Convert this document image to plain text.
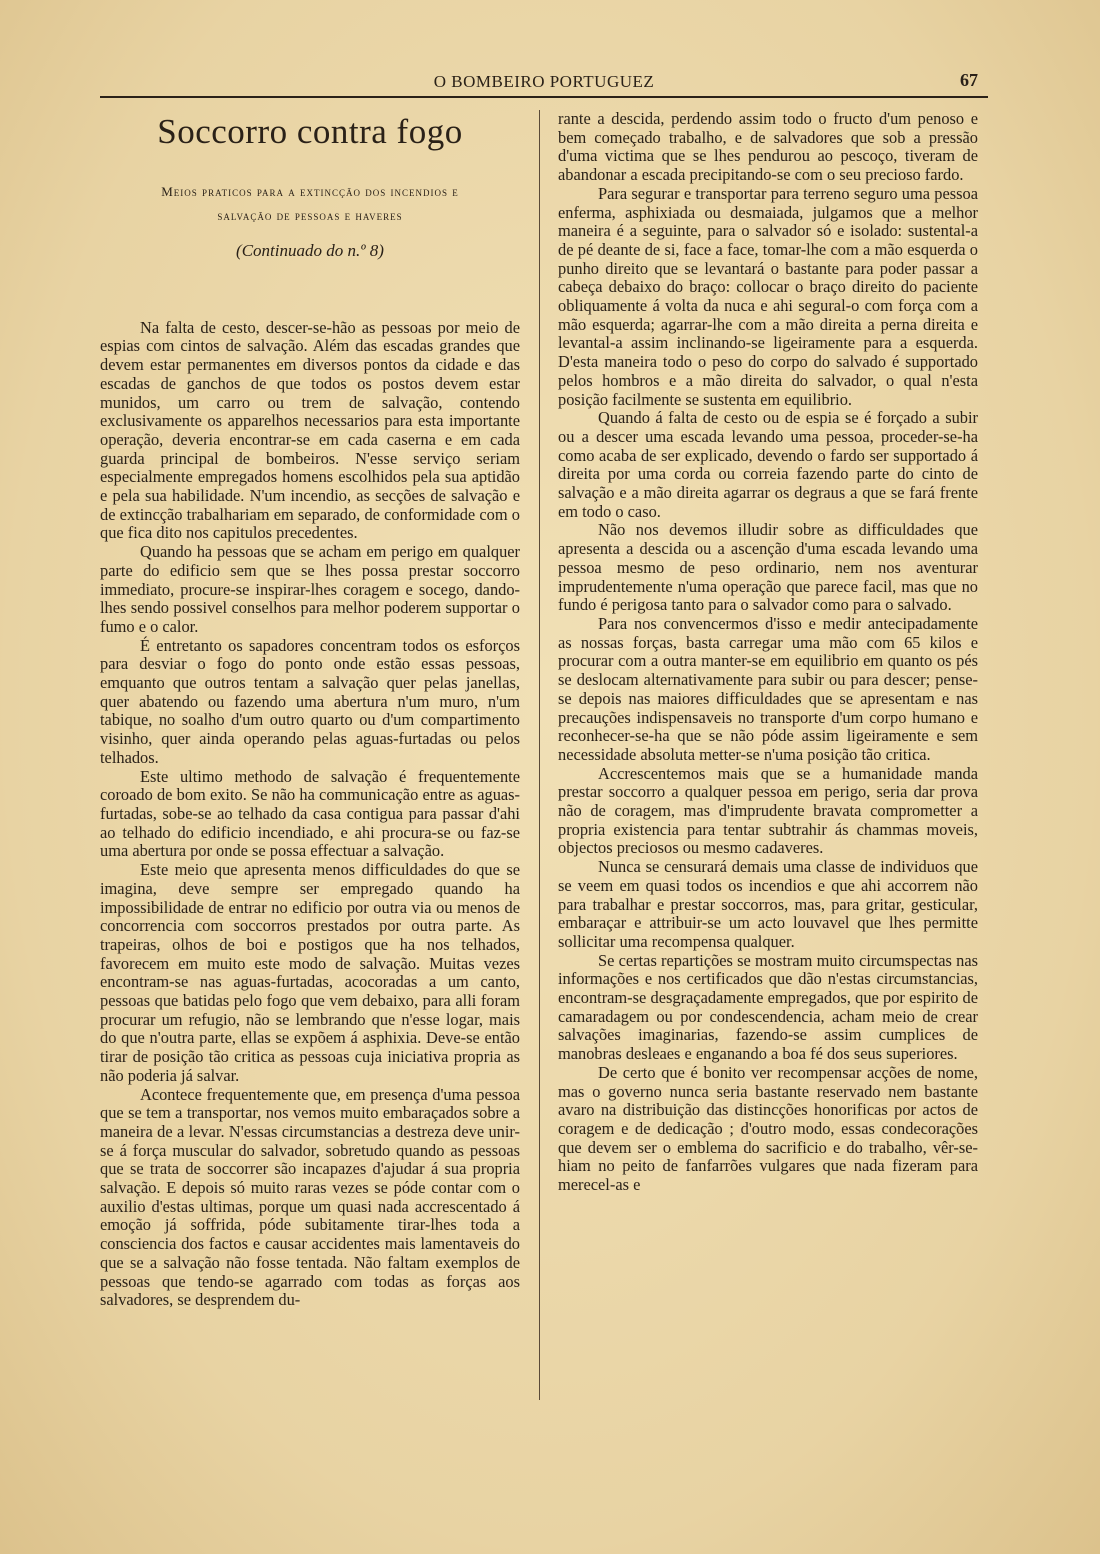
O BOMBEIRO PORTUGUEZ	67
Soccorro contra fogo
Meios praticos para a extincção dos incendios e
salvação de pessoas e haveres
(Continuado do n.º 8)

Na falta de cesto, descer-se-hão as pessoas por meio de espias com cintos de salvação. Além das escadas grandes que devem estar permanentes em diversos pontos da cidade e das escadas de ganchos de que todos os postos devem estar munidos, um carro ou trem de salvação, contendo exclusivamente os apparelhos necessarios para esta importante operação, deveria encontrar-se em cada caserna e em cada guarda principal de bombeiros. N'esse serviço seriam especialmente empregados homens escolhidos pela sua aptidão e pela sua habilidade. N'um incendio, as secções de salvação e de extincção trabalhariam em separado, de conformidade com o que fica dito nos capitulos precedentes.

Quando ha pessoas que se acham em perigo em qualquer parte do edificio sem que se lhes possa prestar soccorro immediato, procure-se inspirar-lhes coragem e socego, dando-lhes sendo possivel conselhos para melhor poderem supportar o fumo e o calor.

É entretanto os sapadores concentram todos os esforços para desviar o fogo do ponto onde estão essas pessoas, emquanto que outros tentam a salvação quer pelas janellas, quer abatendo ou fazendo uma abertura n'um muro, n'um tabique, no soalho d'um outro quarto ou d'um compartimento visinho, quer ainda operando pelas aguas-furtadas ou pelos telhados.

Este ultimo methodo de salvação é frequentemente coroado de bom exito. Se não ha communicação entre as aguas-furtadas, sobe-se ao telhado da casa contigua para passar d'ahi ao telhado do edificio incendiado, e ahi procura-se ou faz-se uma abertura por onde se possa effectuar a salvação.

Este meio que apresenta menos difficuldades do que se imagina, deve sempre ser empregado quando ha impossibilidade de entrar no edificio por outra via ou menos de concorrencia com soccorros prestados por outra parte. As trapeiras, olhos de boi e postigos que ha nos telhados, favorecem em muito este modo de salvação. Muitas vezes encontram-se nas aguas-furtadas, acocoradas a um canto, pessoas que batidas pelo fogo que vem debaixo, para alli foram procurar um refugio, não se lembrando que n'esse logar, mais do que n'outra parte, ellas se expõem á asphixia. Deve-se então tirar de posição tão critica as pessoas cuja iniciativa propria as não poderia já salvar.

Acontece frequentemente que, em presença d'uma pessoa que se tem a transportar, nos vemos muito embaraçados sobre a maneira de a levar. N'essas circumstancias a destreza deve unir-se á força muscular do salvador, sobretudo quando as pessoas que se trata de soccorrer são incapazes d'ajudar á sua propria salvação. E depois só muito raras vezes se póde contar com o auxilio d'estas ultimas, porque um quasi nada accrescentado á emoção já soffrida, póde subitamente tirar-lhes toda a consciencia dos factos e causar accidentes mais lamentaveis do que se a salvação não fosse tentada. Não faltam exemplos de pessoas que tendo-se agarrado com todas as forças aos salvadores, se desprendem du-

rante a descida, perdendo assim todo o fructo d'um penoso e bem começado trabalho, e de salvadores que sob a pressão d'uma victima que se lhes pendurou ao pescoço, tiveram de abandonar a escada precipitando-se com o seu precioso fardo.

Para segurar e transportar para terreno seguro uma pessoa enferma, asphixiada ou desmaiada, julgamos que a melhor maneira é a seguinte, para o salvador só e isolado: sustental-a de pé deante de si, face a face, tomar-lhe com a mão esquerda o punho direito que se levantará o bastante para poder passar a cabeça debaixo do braço: collocar o braço direito do paciente obliquamente á volta da nuca e ahi segural-o com força com a mão esquerda; agarrar-lhe com a mão direita a perna direita e levantal-a assim inclinando-se ligeiramente para a esquerda. D'esta maneira todo o peso do corpo do salvado é supportado pelos hombros e a mão direita do salvador, o qual n'esta posição facilmente se sustenta em equilibrio.

Quando á falta de cesto ou de espia se é forçado a subir ou a descer uma escada levando uma pessoa, proceder-se-ha como acaba de ser explicado, devendo o fardo ser supportado á direita por uma corda ou correia fazendo parte do cinto de salvação e a mão direita agarrar os degraus a que se fará frente em todo o caso.

Não nos devemos illudir sobre as difficuldades que apresenta a descida ou a ascenção d'uma escada levando uma pessoa mesmo de peso ordinario, nem nos aventurar imprudentemente n'uma operação que parece facil, mas que no fundo é perigosa tanto para o salvador como para o salvado.

Para nos convencermos d'isso e medir antecipadamente as nossas forças, basta carregar uma mão com 65 kilos e procurar com a outra manter-se em equilibrio em quanto os pés se deslocam alternativamente para subir ou para descer; pense-se depois nas maiores difficuldades que se apresentam e nas precauções indispensaveis no transporte d'um corpo humano e reconhecer-se-ha que se não póde assim ligeiramente e sem necessidade absoluta metter-se n'uma posição tão critica.

Accrescentemos mais que se a humanidade manda prestar soccorro a qualquer pessoa em perigo, seria dar prova não de coragem, mas d'imprudente bravata comprometter a propria existencia para tentar subtrahir ás chammas moveis, objectos preciosos ou mesmo cadaveres.

Nunca se censurará demais uma classe de individuos que se veem em quasi todos os incendios e que ahi accorrem não para trabalhar e prestar soccorros, mas, para gritar, gesticular, embaraçar e attribuir-se um acto louvavel que lhes permitte sollicitar uma recompensa qualquer.

Se certas repartições se mostram muito circumspectas nas informações e nos certificados que dão n'estas circumstancias, encontram-se desgraçadamente empregados, que por espirito de camaradagem ou por condescendencia, acham meio de crear salvações imaginarias, fazendo-se assim cumplices de manobras desleaes e enganando a boa fé dos seus superiores.

De certo que é bonito ver recompensar acções de nome, mas o governo nunca seria bastante reservado nem bastante avaro na distribuição das distincções honorificas por actos de coragem e de dedicação ; d'outro modo, essas condecorações que devem ser o emblema do sacrificio e do trabalho, vêr-se-hiam no peito de fanfarrões vulgares que nada fizeram para merecel-as e
